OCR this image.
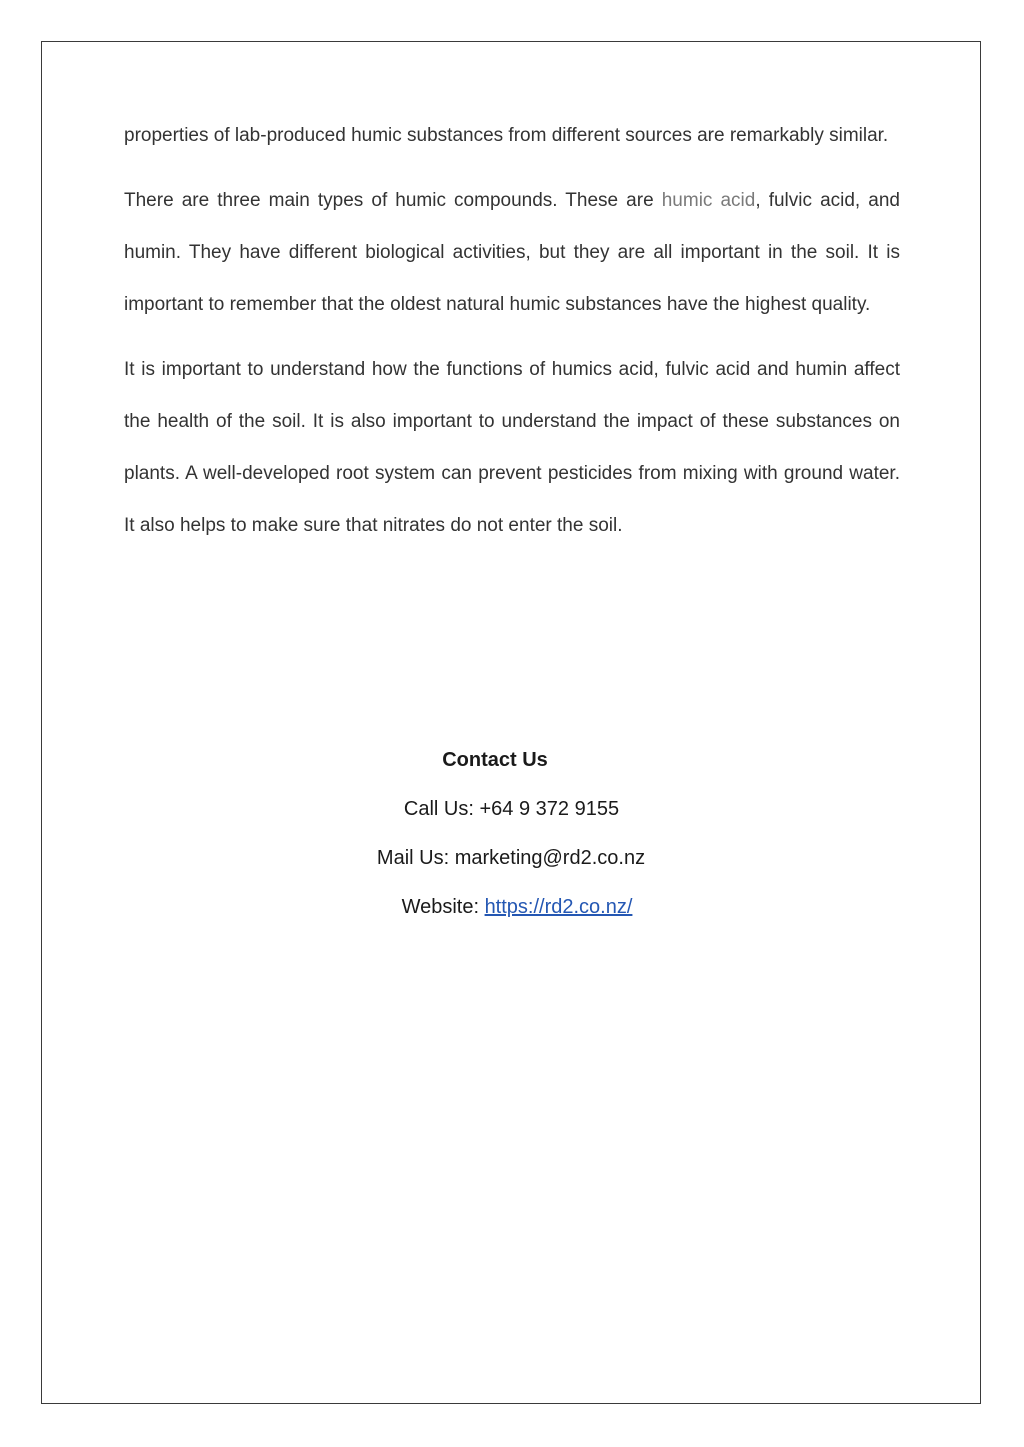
properties of lab-produced humic substances from different sources are remarkably similar.

There are three main types of humic compounds. These are humic acid, fulvic acid, and humin. They have different biological activities, but they are all important in the soil. It is important to remember that the oldest natural humic substances have the highest quality.

It is important to understand how the functions of humics acid, fulvic acid and humin affect the health of the soil. It is also important to understand the impact of these substances on plants. A well-developed root system can prevent pesticides from mixing with ground water. It also helps to make sure that nitrates do not enter the soil.

Contact Us
Call Us: +64 9 372 9155
Mail Us: marketing@rd2.co.nz
Website: https://rd2.co.nz/
